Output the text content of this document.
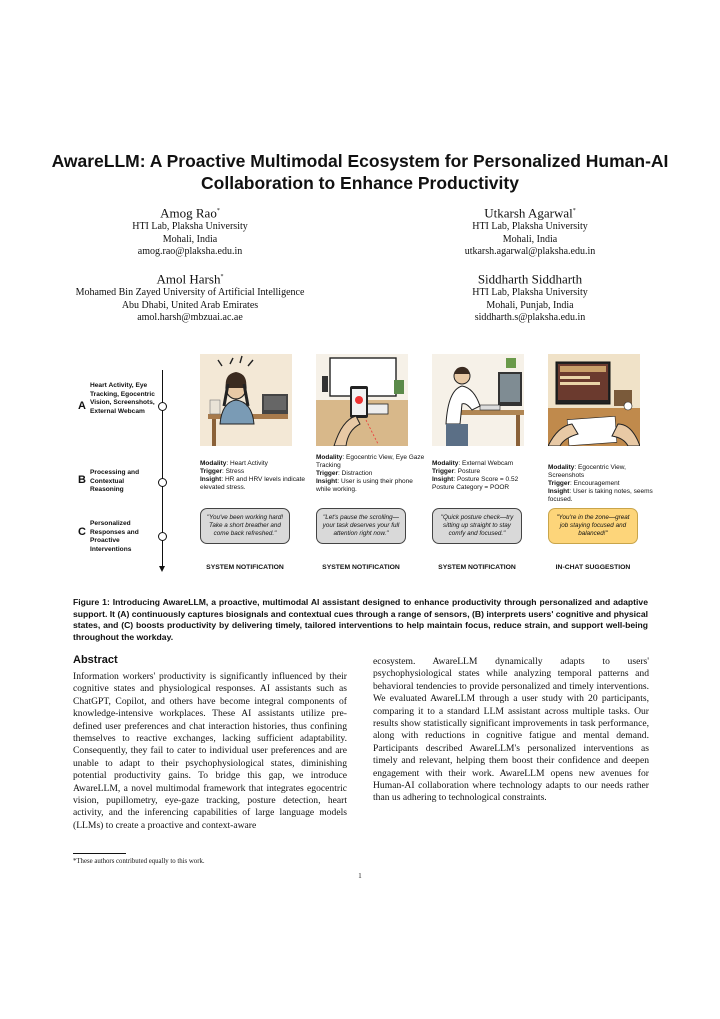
AwareLLM: A Proactive Multimodal Ecosystem for Personalized Human-AI Collaboration to Enhance Productivity
Amog Rao*
HTI Lab, Plaksha University
Mohali, India
amog.rao@plaksha.edu.in
Utkarsh Agarwal*
HTI Lab, Plaksha University
Mohali, India
utkarsh.agarwal@plaksha.edu.in
Amol Harsh*
Mohamed Bin Zayed University of Artificial Intelligence
Abu Dhabi, United Arab Emirates
amol.harsh@mbzuai.ac.ae
Siddharth Siddharth
HTI Lab, Plaksha University
Mohali, Punjab, India
siddharth.s@plaksha.edu.in
Heart Activity, Eye Tracking, Egocentric Vision, Screenshots, External Webcam
A
Processing and Contextual Reasoning
B
Personalized Responses and Proactive Interventions
C
Modality: Heart Activity
Trigger: Stress
Insight: HR and HRV levels indicate elevated stress.
"You've been working hard! Take a short breather and come back refreshed."
SYSTEM NOTIFICATION
Modality: Egocentric View, Eye Gaze Tracking
Trigger: Distraction
Insight: User is using their phone while working.
"Let's pause the scrolling—your task deserves your full attention right now."
SYSTEM NOTIFICATION
Modality: External Webcam
Trigger: Posture
Insight: Posture Score = 0.52 Posture Category = POOR
"Quick posture check—try sitting up straight to stay comfy and focused."
SYSTEM NOTIFICATION
Modality: Egocentric View, Screenshots
Trigger: Encouragement
Insight: User is taking notes, seems focused.
"You're in the zone—great job staying focused and balanced!"
IN-CHAT SUGGESTION

Figure 1: Introducing AwareLLM, a proactive, multimodal AI assistant designed to enhance productivity through personalized and adaptive support. It (A) continuously captures biosignals and contextual cues through a range of sensors, (B) interprets users' cognitive and physical states, and (C) boosts productivity by delivering timely, tailored interventions to help maintain focus, reduce strain, and support well-being throughout the workday.

Abstract

Information workers' productivity is significantly influenced by their cognitive states and physiological responses. AI assistants such as ChatGPT, Copilot, and others have become integral components of knowledge-intensive workplaces. These AI assistants utilize pre-defined user preferences and chat interaction histories, thus confining themselves to reactive exchanges, lacking sufficient adaptability. Consequently, they fail to cater to individual user preferences and are unable to adapt to their psychophysiological states, diminishing potential productivity gains. To bridge this gap, we introduce AwareLLM, a novel multimodal framework that integrates egocentric vision, pupillometry, eye-gaze tracking, posture detection, heart activity, and the inferencing capabilities of large language models (LLMs) to create a proactive and context-aware

ecosystem. AwareLLM dynamically adapts to users' psychophysiological states while analyzing temporal patterns and behavioral tendencies to provide personalized and timely interventions. We evaluated AwareLLM through a user study with 20 participants, comparing it to a standard LLM assistant across multiple tasks. Our results show statistically significant improvements in task performance, along with reductions in cognitive fatigue and mental demand. Participants described AwareLLM's personalized interventions as timely and relevant, helping them boost their confidence and deepen engagement with their work. AwareLLM opens new avenues for Human-AI collaboration where technology adapts to our needs rather than us adhering to technological constraints.

*These authors contributed equally to this work.
1
